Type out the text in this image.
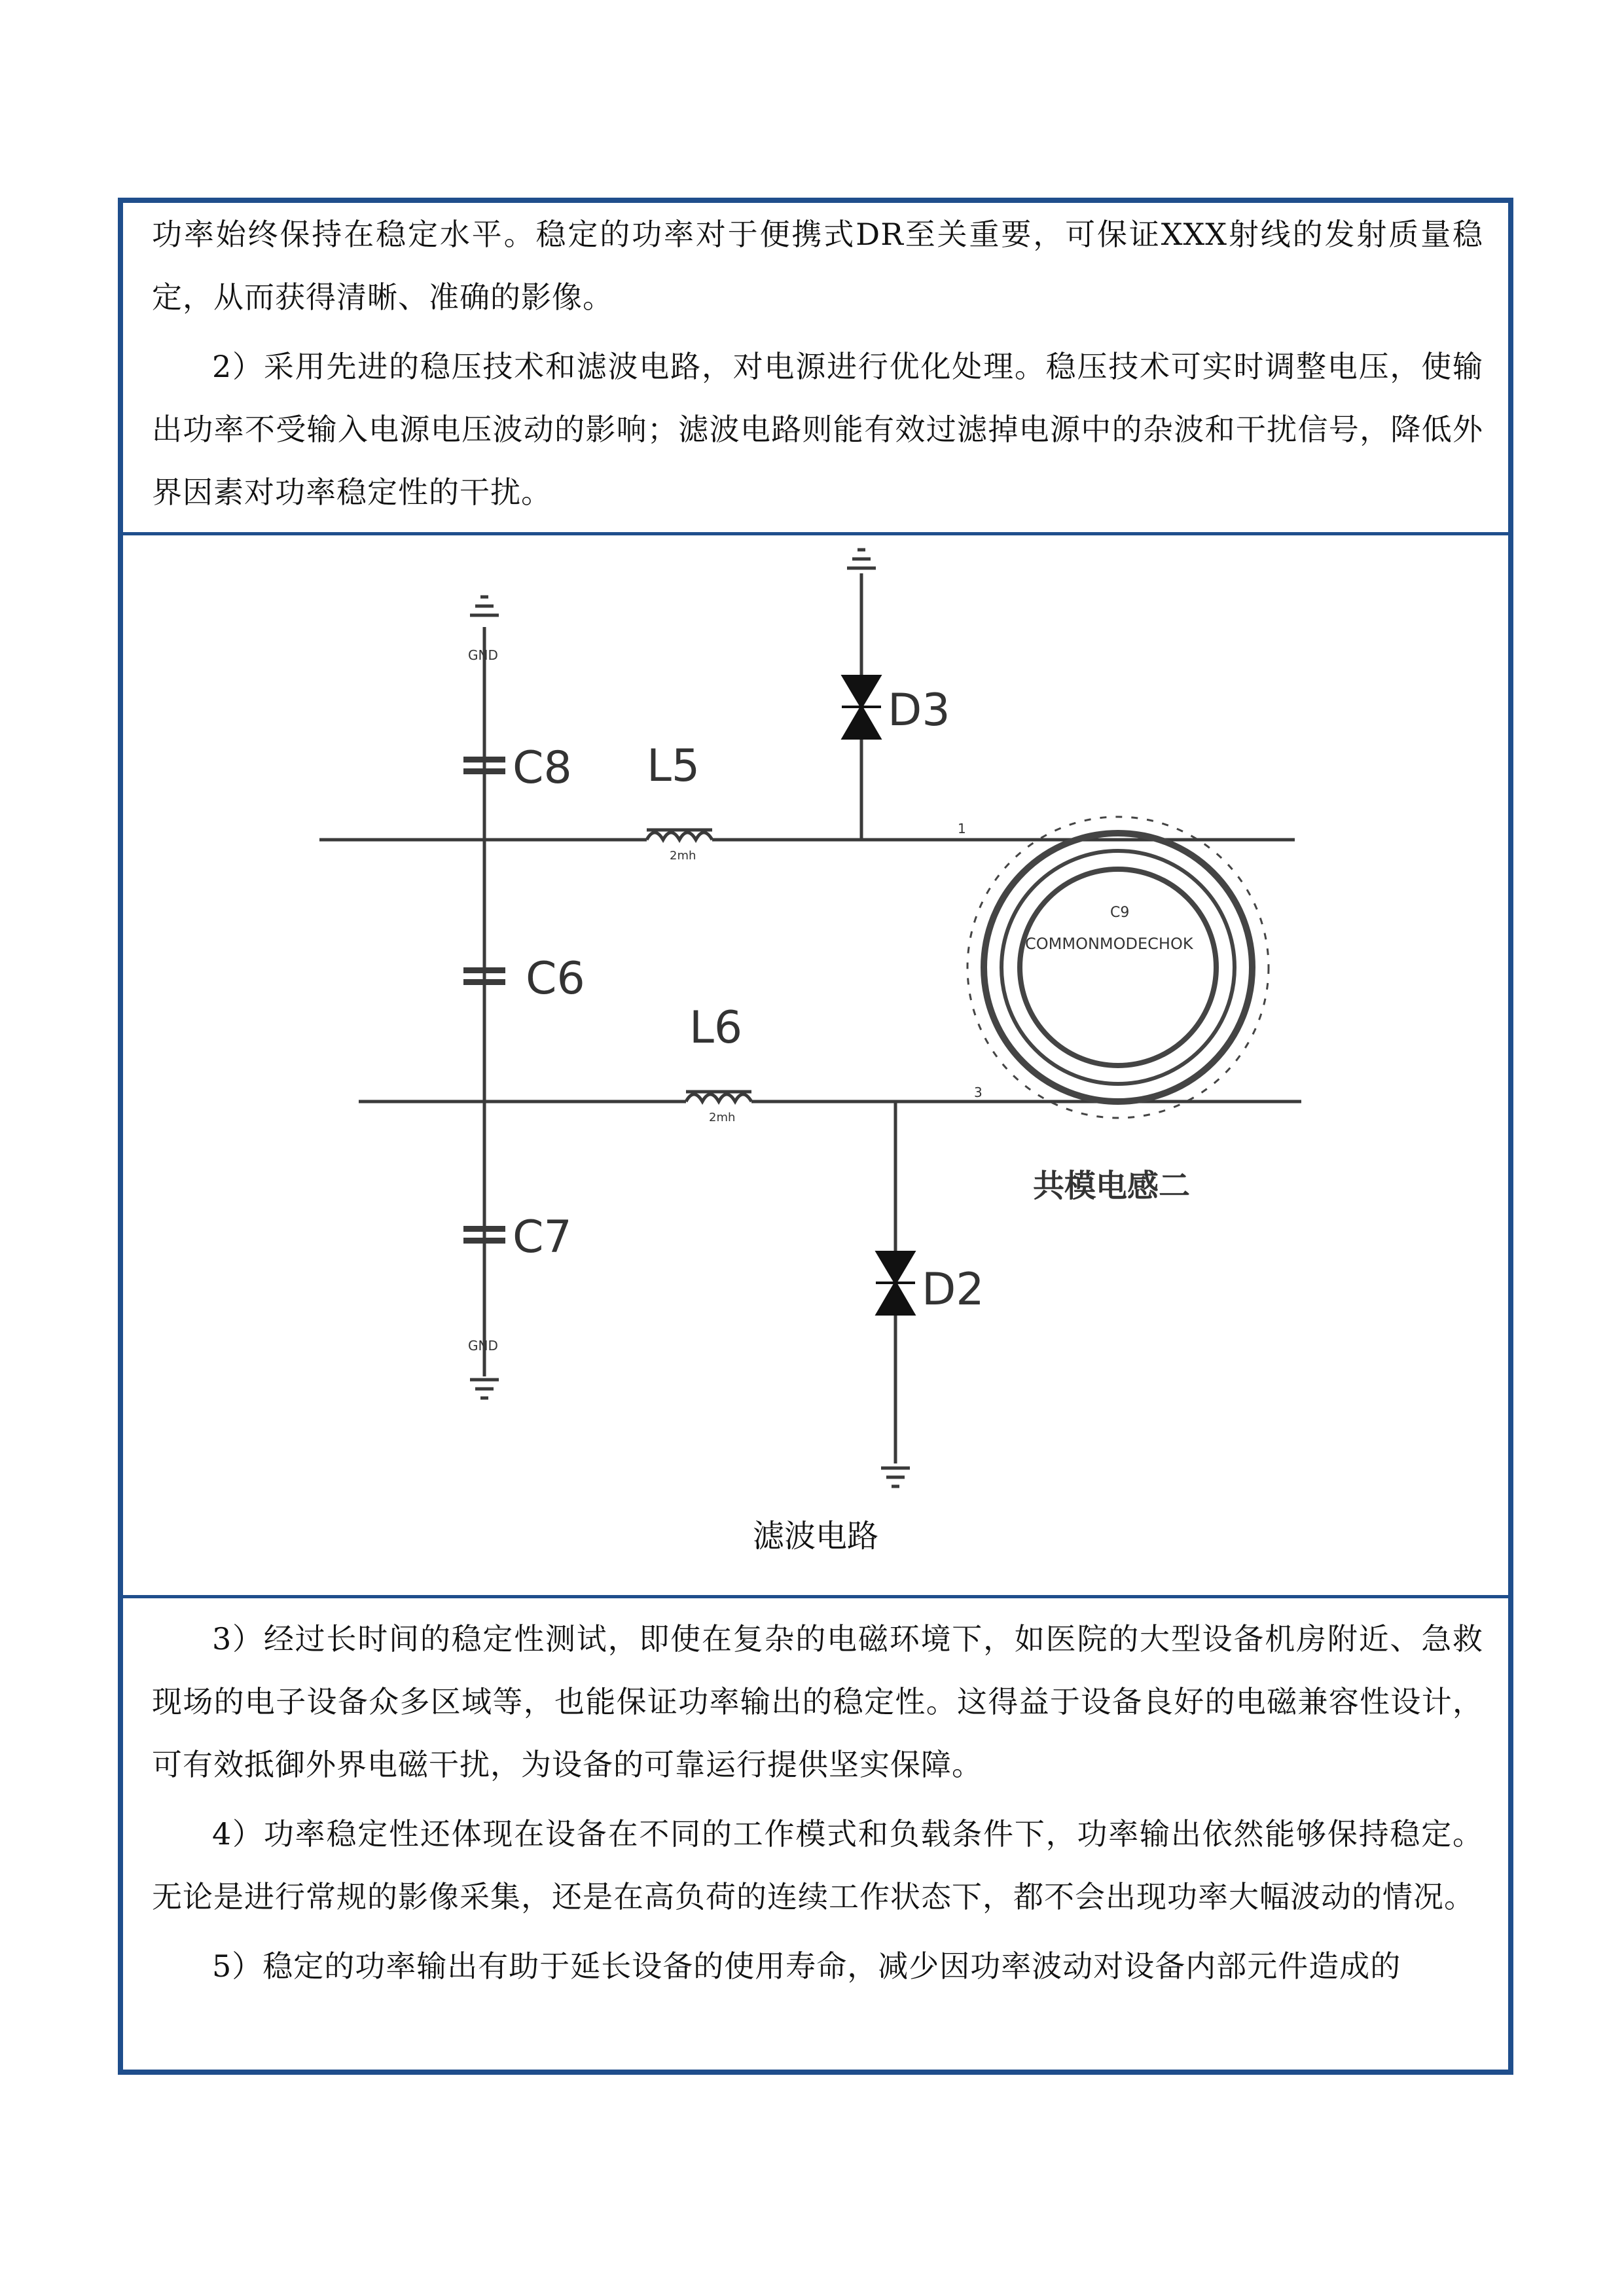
功率始终保持在稳定水平。稳定的功率对于便携式DR至关重要，可保证XXX射线的发射质量稳定，从而获得清晰、准确的影像。

2）采用先进的稳压技术和滤波电路，对电源进行优化处理。稳压技术可实时调整电压，使输出功率不受输入电源电压波动的影响；滤波电路则能有效过滤掉电源中的杂波和干扰信号，降低外界因素对功率稳定性的干扰。

C8
C6
C7
L5
L6
D3
D2
GND
GND
2mh
2mh
1
3
C9
COMMONMODECHOK
共模电感二
滤波电路

3）经过长时间的稳定性测试，即使在复杂的电磁环境下，如医院的大型设备机房附近、急救现场的电子设备众多区域等，也能保证功率输出的稳定性。这得益于设备良好的电磁兼容性设计，可有效抵御外界电磁干扰，为设备的可靠运行提供坚实保障。

4）功率稳定性还体现在设备在不同的工作模式和负载条件下，功率输出依然能够保持稳定。无论是进行常规的影像采集，还是在高负荷的连续工作状态下，都不会出现功率大幅波动的情况。

5）稳定的功率输出有助于延长设备的使用寿命，减少因功率波动对设备内部元件造成的
